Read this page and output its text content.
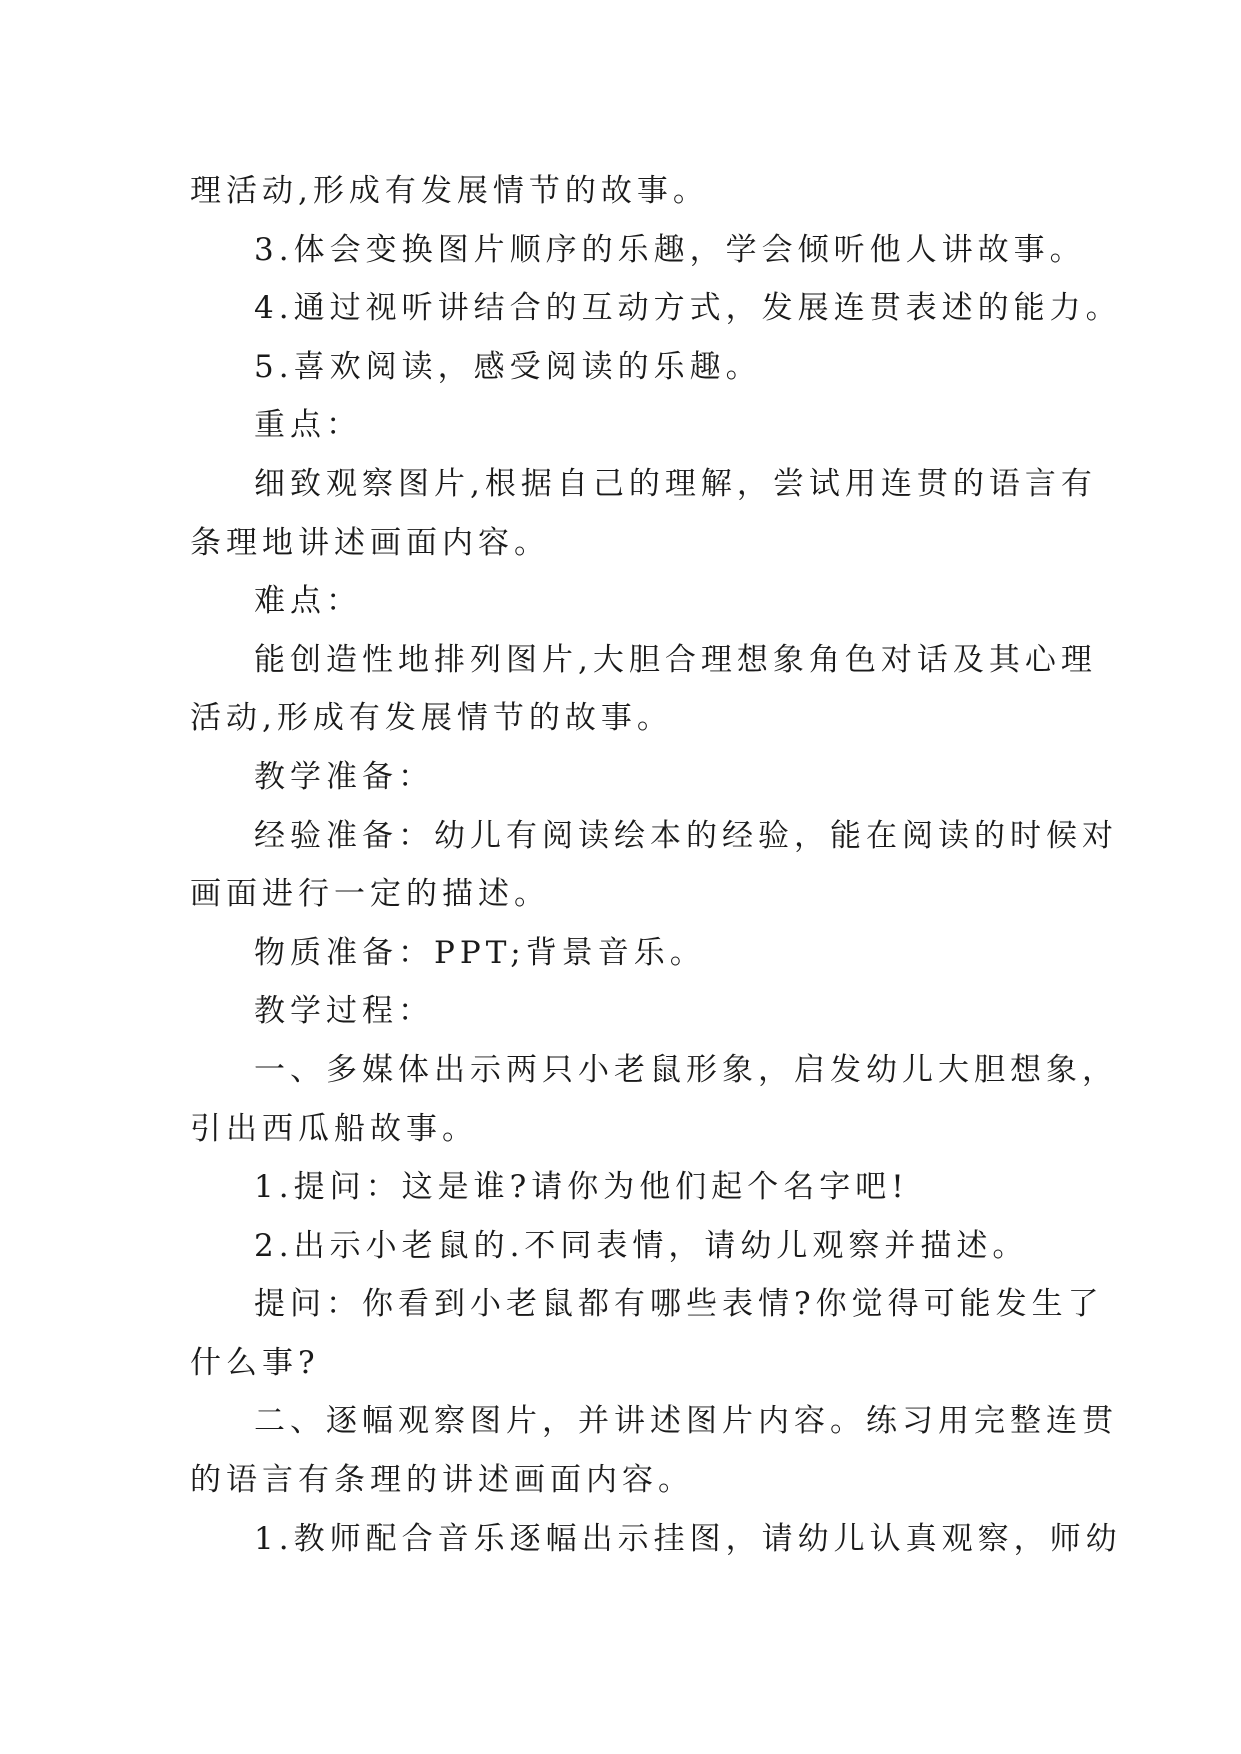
理活动,形成有发展情节的故事。
3.体会变换图片顺序的乐趣，学会倾听他人讲故事。
4.通过视听讲结合的互动方式，发展连贯表述的能力。
5.喜欢阅读，感受阅读的乐趣。
重点：
细致观察图片,根据自己的理解，尝试用连贯的语言有
条理地讲述画面内容。
难点：
能创造性地排列图片,大胆合理想象角色对话及其心理
活动,形成有发展情节的故事。
教学准备：
经验准备：幼儿有阅读绘本的经验，能在阅读的时候对
画面进行一定的描述。
物质准备：PPT;背景音乐。
教学过程：
一、多媒体出示两只小老鼠形象，启发幼儿大胆想象，
引出西瓜船故事。
1.提问：这是谁?请你为他们起个名字吧!
2.出示小老鼠的.不同表情，请幼儿观察并描述。
提问：你看到小老鼠都有哪些表情?你觉得可能发生了
什么事?
二、逐幅观察图片，并讲述图片内容。练习用完整连贯
的语言有条理的讲述画面内容。
1.教师配合音乐逐幅出示挂图，请幼儿认真观察，师幼
